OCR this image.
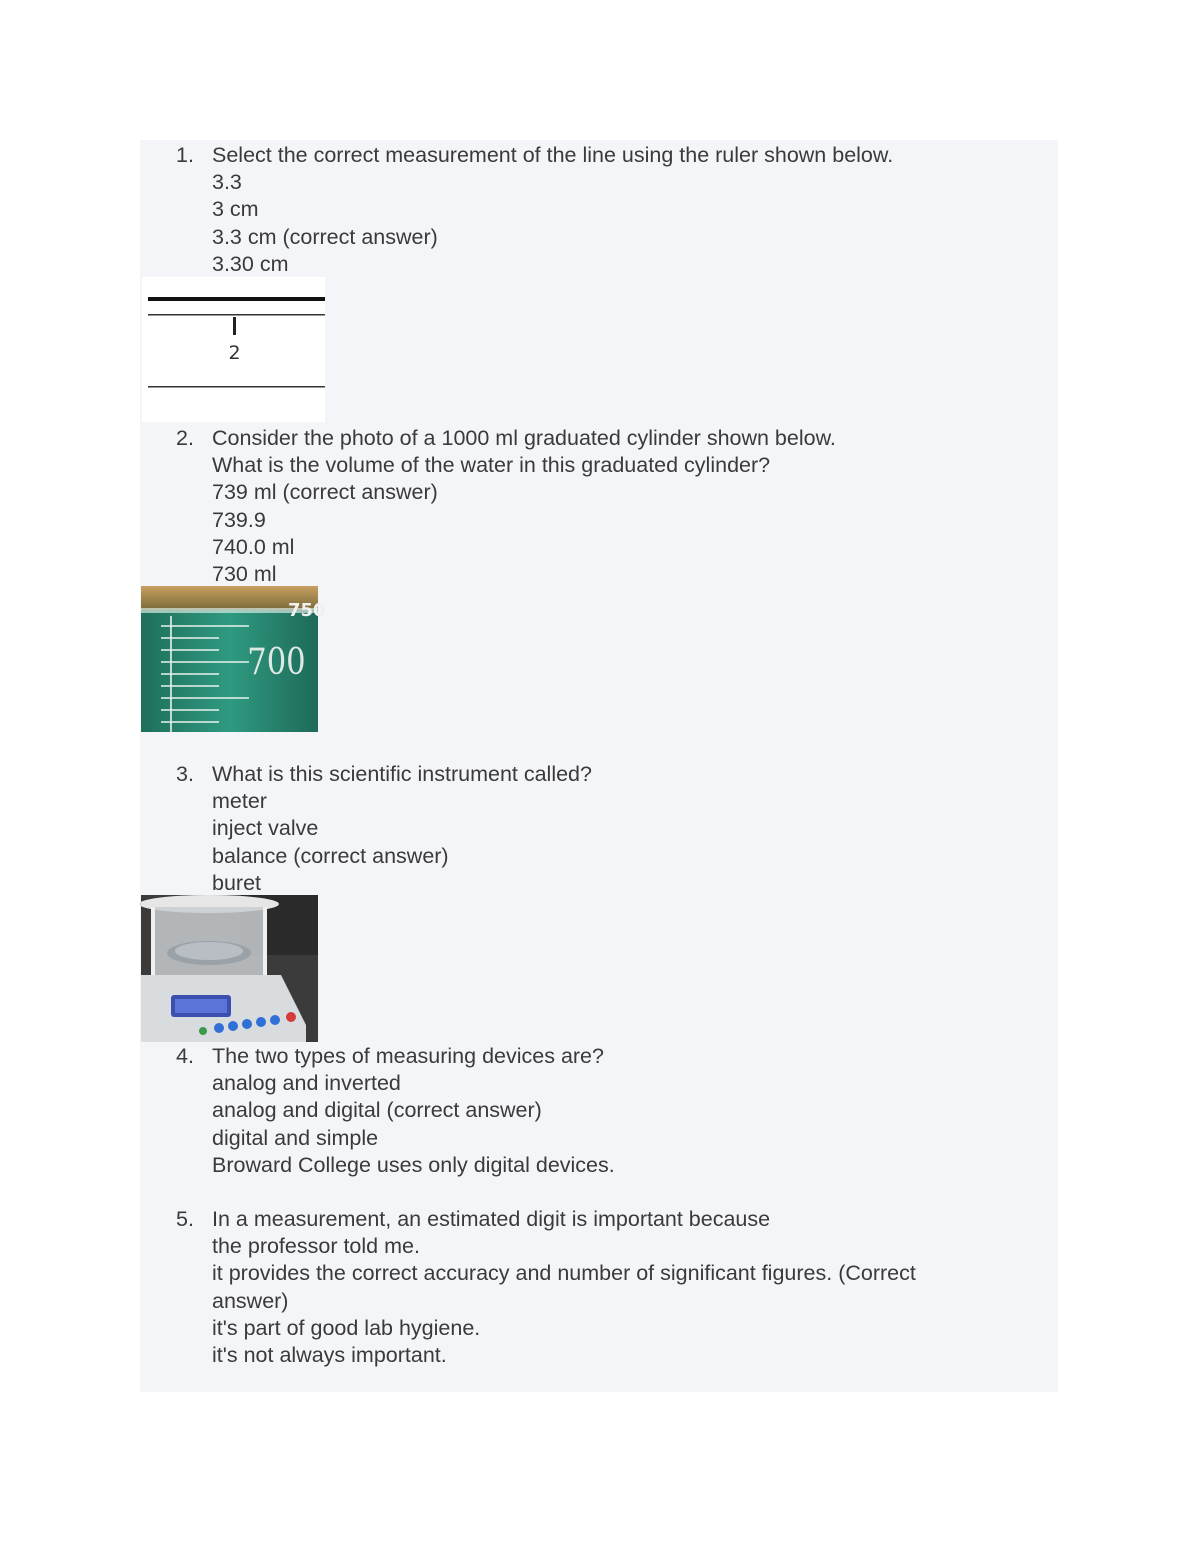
1. Select the correct measurement of the line using the ruler shown below.
3.3
3 cm
3.3 cm (correct answer)
3.30 cm
2
2. Consider the photo of a 1000 ml graduated cylinder shown below.
What is the volume of the water in this graduated cylinder?
739 ml (correct answer)
739.9
740.0 ml
730 ml
750
700
3. What is this scientific instrument called?
meter
inject valve
balance (correct answer)
buret
4. The two types of measuring devices are?
analog and inverted
analog and digital (correct answer)
digital and simple
Broward College uses only digital devices.
5. In a measurement, an estimated digit is important because
the professor told me.
it provides the correct accuracy and number of significant figures. (Correct answer)
it's part of good lab hygiene.
it's not always important.
